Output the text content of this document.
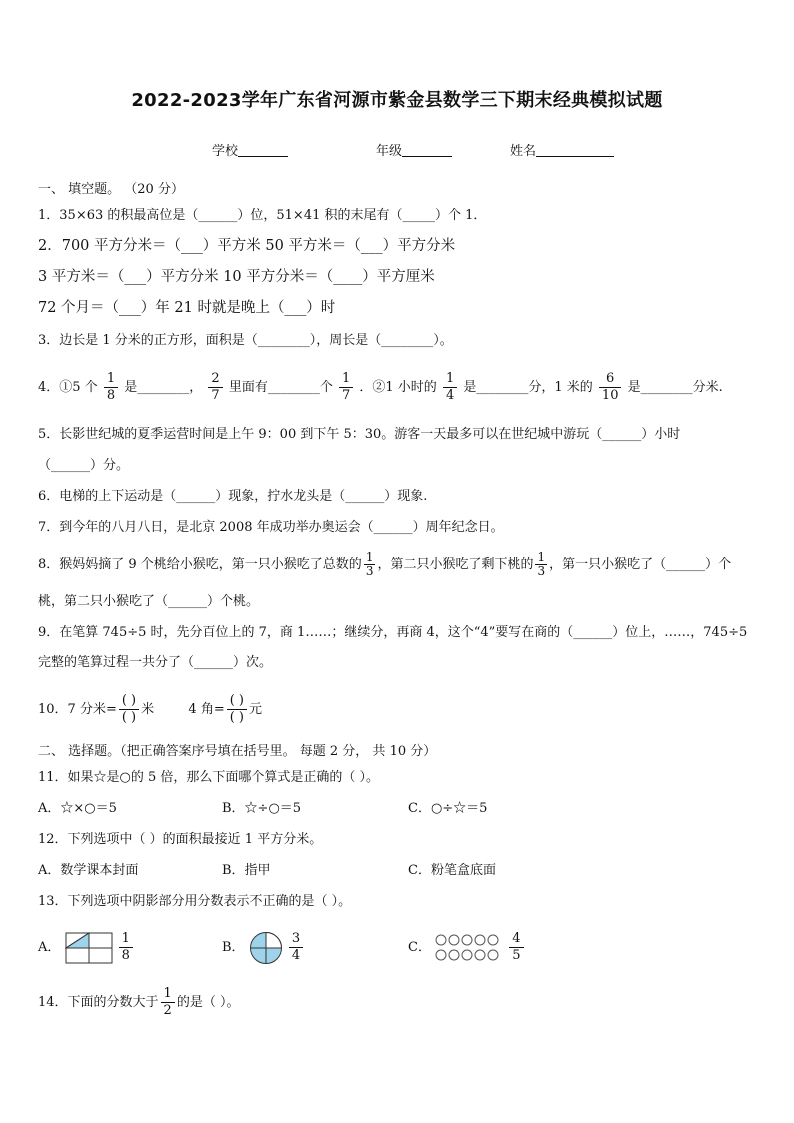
2022-2023学年广东省河源市紫金县数学三下期末经典模拟试题
学校	年级	姓名
一、 填空题。 （20 分）
1．35×63 的积最高位是（______）位，51×41 积的末尾有（_____）个 1．
2．700 平方分米＝（___）平方米 50 平方米＝（___）平方分米
3 平方米＝（___）平方分米 10 平方分米＝（____）平方厘米
72 个月＝（___）年 21 时就是晚上（___）时
3．边长是 1 分米的正方形，面积是（________），周长是（________）。
4．①5 个 $\frac{1}{8}$ 是________， $\frac{2}{7}$ 里面有________个 $\frac{1}{7}$ ．②1 小时的 $\frac{1}{4}$ 是________分，1 米的 $\frac{6}{10}$ 是________分米.
5．长影世纪城的夏季运营时间是上午 9：00 到下午 5：30。游客一天最多可以在世纪城中游玩（______）小时
（______）分。
6．电梯的上下运动是（______）现象，拧水龙头是（______）现象.
7．到今年的八月八日，是北京 2008 年成功举办奥运会（______）周年纪念日。
8．猴妈妈摘了 9 个桃给小猴吃，第一只小猴吃了总数的 $\frac{1}{3}$ ，第二只小猴吃了剩下桃的 $\frac{1}{3}$ ，第一只小猴吃了（______）个
桃，第二只小猴吃了（______）个桃。
9．在笔算 745÷5 时，先分百位上的 7，商 1……；继续分，再商 4，这个“4”要写在商的（______）位上，……，745÷5
完整的笔算过程一共分了（______）次。
10．7 分米= $\frac{( )}{( )}$ 米	4 角= $\frac{( )}{( )}$ 元
二、 选择题。（把正确答案序号填在括号里。 每题 2 分， 共 10 分）
11．如果☆是○的 5 倍，那么下面哪个算式是正确的（ ）。
A．☆×○＝5	B．☆÷○＝5	C．○÷☆＝5
12．下列选项中（ ）的面积最接近 1 平方分米。
A．数学课本封面	B．指甲	C．粉笔盒底面
13．下列选项中阴影部分用分数表示不正确的是（ ）。
A．	$\frac{1}{8}$	B．	$\frac{3}{4}$	C．	$\frac{4}{5}$
14．下面的分数大于 $\frac{1}{2}$ 的是（ ）。
